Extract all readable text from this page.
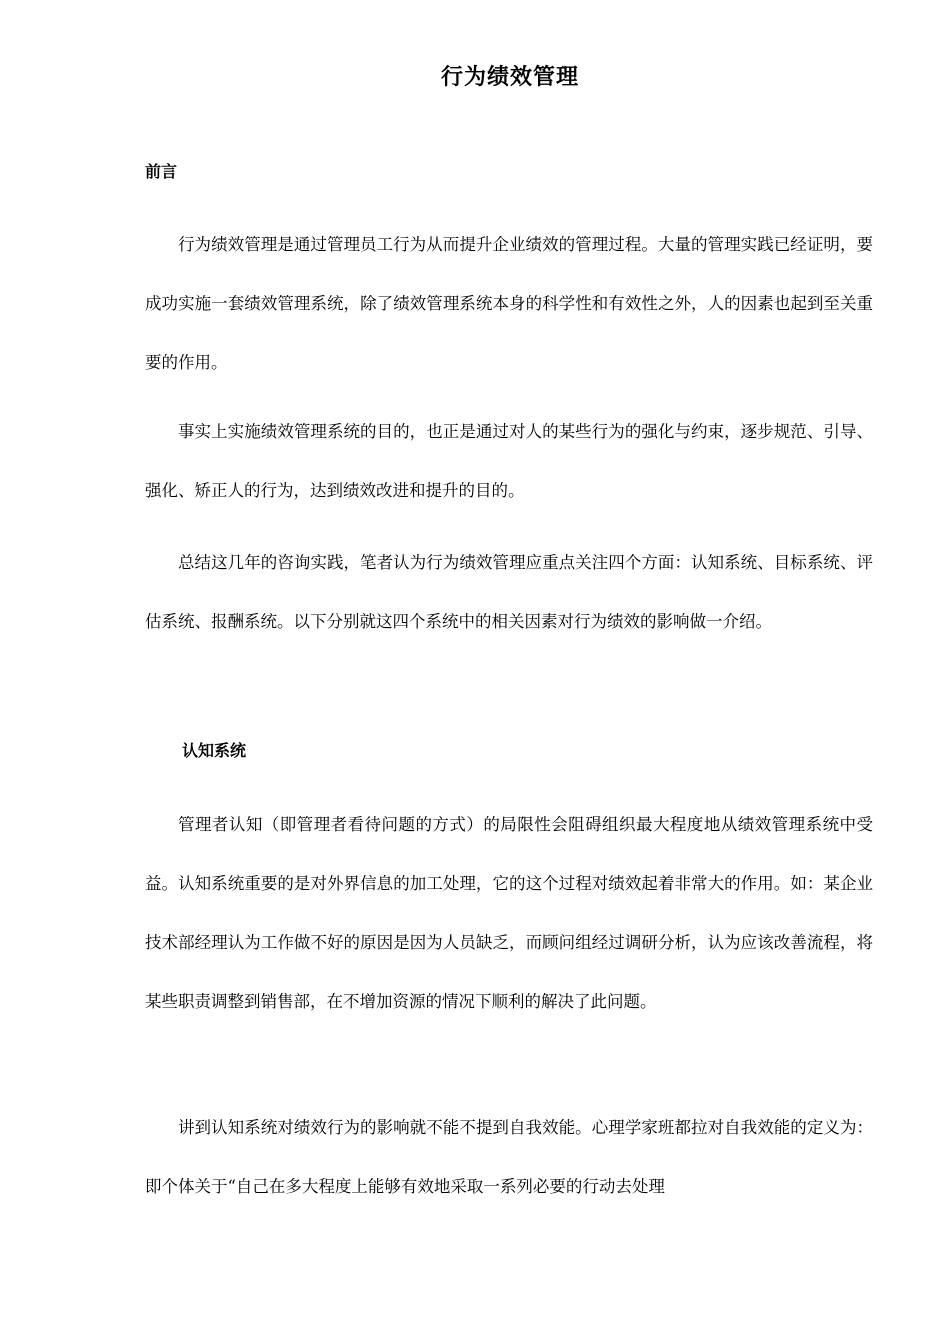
行为绩效管理
前言

行为绩效管理是通过管理员工行为从而提升企业绩效的管理过程。大量的管理实践已经证明，要成功实施一套绩效管理系统，除了绩效管理系统本身的科学性和有效性之外，人的因素也起到至关重要的作用。

事实上实施绩效管理系统的目的，也正是通过对人的某些行为的强化与约束，逐步规范、引导、强化、矫正人的行为，达到绩效改进和提升的目的。

总结这几年的咨询实践，笔者认为行为绩效管理应重点关注四个方面：认知系统、目标系统、评估系统、报酬系统。以下分别就这四个系统中的相关因素对行为绩效的影响做一介绍。

认知系统

管理者认知（即管理者看待问题的方式）的局限性会阻碍组织最大程度地从绩效管理系统中受益。认知系统重要的是对外界信息的加工处理，它的这个过程对绩效起着非常大的作用。如：某企业技术部经理认为工作做不好的原因是因为人员缺乏，而顾问组经过调研分析，认为应该改善流程，将某些职责调整到销售部，在不增加资源的情况下顺利的解决了此问题。

讲到认知系统对绩效行为的影响就不能不提到自我效能。心理学家班都拉对自我效能的定义为：即个体关于“自己在多大程度上能够有效地采取一系列必要的行动去处理
